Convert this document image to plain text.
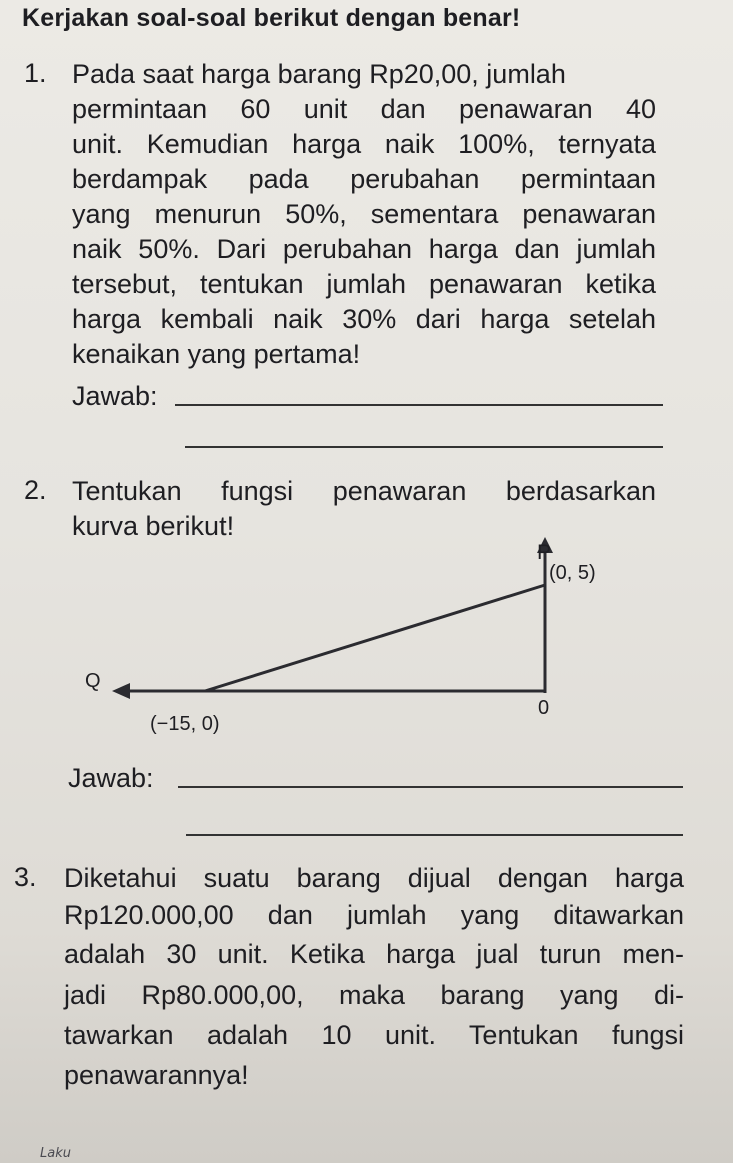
Kerjakan soal-soal berikut dengan benar!
1. Pada saat harga barang Rp20,00, jumlah
permintaan 60 unit dan penawaran 40
unit. Kemudian harga naik 100%, ternyata
berdampak pada perubahan permintaan
yang menurun 50%, sementara penawaran
naik 50%. Dari perubahan harga dan jumlah
tersebut, tentukan jumlah penawaran ketika
harga kembali naik 30% dari harga setelah
kenaikan yang pertama!
Jawab:
2. Tentukan fungsi penawaran berdasarkan
kurva berikut!
P
(0, 5)
Q
0
(−15, 0)
Jawab:
3. Diketahui suatu barang dijual dengan harga
Rp120.000,00 dan jumlah yang ditawarkan
adalah 30 unit. Ketika harga jual turun men-
jadi Rp80.000,00, maka barang yang di-
tawarkan adalah 10 unit. Tentukan fungsi
penawarannya!
Laku
